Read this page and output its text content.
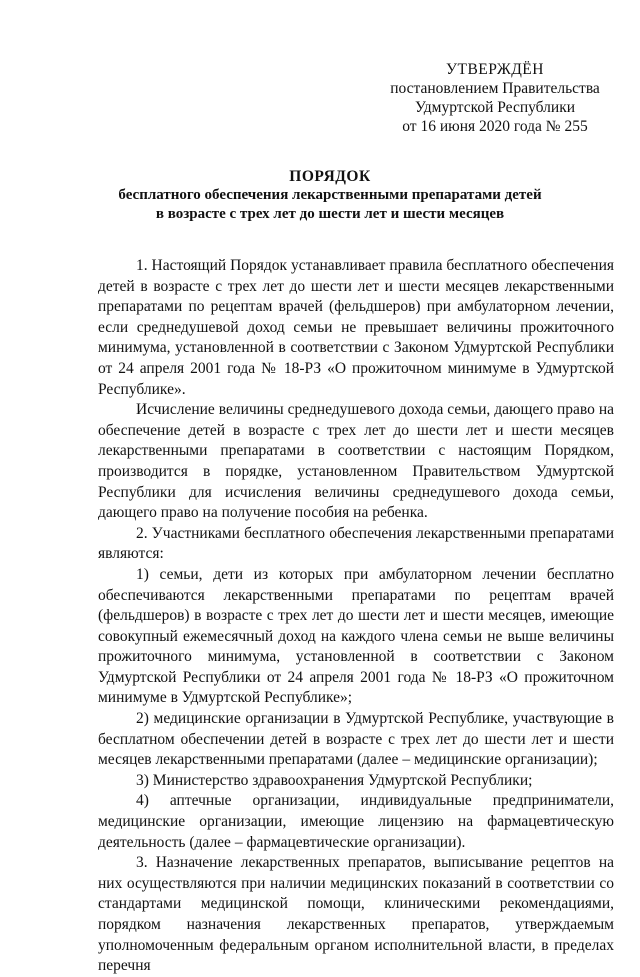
УТВЕРЖДЁН
постановлением Правительства
Удмуртской Республики
от 16 июня 2020 года № 255
ПОРЯДОК
бесплатного обеспечения лекарственными препаратами детей
в возрасте с трех лет до шести лет и шести месяцев

1. Настоящий Порядок устанавливает правила бесплатного обеспечения детей в возрасте с трех лет до шести лет и шести месяцев лекарственными препаратами по рецептам врачей (фельдшеров) при амбулаторном лечении, если среднедушевой доход семьи не превышает величины прожиточного минимума, установленной в соответствии с Законом Удмуртской Республики от 24 апреля 2001 года № 18-РЗ «О прожиточном минимуме в Удмуртской Республике».

Исчисление величины среднедушевого дохода семьи, дающего право на обеспечение детей в возрасте с трех лет до шести лет и шести месяцев лекарственными препаратами в соответствии с настоящим Порядком, производится в порядке, установленном Правительством Удмуртской Республики для исчисления величины среднедушевого дохода семьи, дающего право на получение пособия на ребенка.

2. Участниками бесплатного обеспечения лекарственными препаратами являются:

1) семьи, дети из которых при амбулаторном лечении бесплатно обеспечиваются лекарственными препаратами по рецептам врачей (фельдшеров) в возрасте с трех лет до шести лет и шести месяцев, имеющие совокупный ежемесячный доход на каждого члена семьи не выше величины прожиточного минимума, установленной в соответствии с Законом Удмуртской Республики от 24 апреля 2001 года № 18-РЗ «О прожиточном минимуме в Удмуртской Республике»;

2) медицинские организации в Удмуртской Республике, участвующие в бесплатном обеспечении детей в возрасте с трех лет до шести лет и шести месяцев лекарственными препаратами (далее – медицинские организации);

3) Министерство здравоохранения Удмуртской Республики;

4) аптечные организации, индивидуальные предприниматели, медицинские организации, имеющие лицензию на фармацевтическую деятельность (далее – фармацевтические организации).

3. Назначение лекарственных препаратов, выписывание рецептов на них осуществляются при наличии медицинских показаний в соответствии со стандартами медицинской помощи, клиническими рекомендациями, порядком назначения лекарственных препаратов, утверждаемым уполномоченным федеральным органом исполнительной власти, в пределах перечня
